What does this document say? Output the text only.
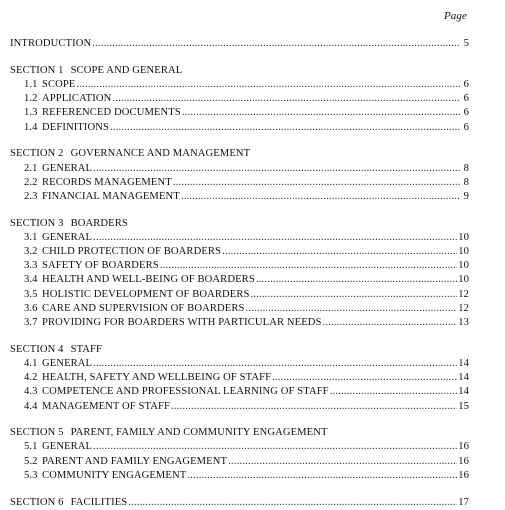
Page
INTRODUCTION .....	5
SECTION 1 SCOPE AND GENERAL
1.1 SCOPE .....	6
1.2 APPLICATION .....	6
1.3 REFERENCED DOCUMENTS .....	6
1.4 DEFINITIONS .....	6
SECTION 2 GOVERNANCE AND MANAGEMENT
2.1 GENERAL .....	8
2.2 RECORDS MANAGEMENT .....	8
2.3 FINANCIAL MANAGEMENT .....	9
SECTION 3 BOARDERS
3.1 GENERAL .....	10
3.2 CHILD PROTECTION OF BOARDERS .....	10
3.3 SAFETY OF BOARDERS .....	10
3.4 HEALTH AND WELL-BEING OF BOARDERS .....	10
3.5 HOLISTIC DEVELOPMENT OF BOARDERS .....	12
3.6 CARE AND SUPERVISION OF BOARDERS .....	12
3.7 PROVIDING FOR BOARDERS WITH PARTICULAR NEEDS .....	13
SECTION 4 STAFF
4.1 GENERAL .....	14
4.2 HEALTH, SAFETY AND WELLBEING OF STAFF .....	14
4.3 COMPETENCE AND PROFESSIONAL LEARNING OF STAFF .....	14
4.4 MANAGEMENT OF STAFF .....	15
SECTION 5 PARENT, FAMILY AND COMMUNITY ENGAGEMENT
5.1 GENERAL .....	16
5.2 PARENT AND FAMILY ENGAGEMENT .....	16
5.3 COMMUNITY ENGAGEMENT .....	16
SECTION 6 FACILITIES .....	17
